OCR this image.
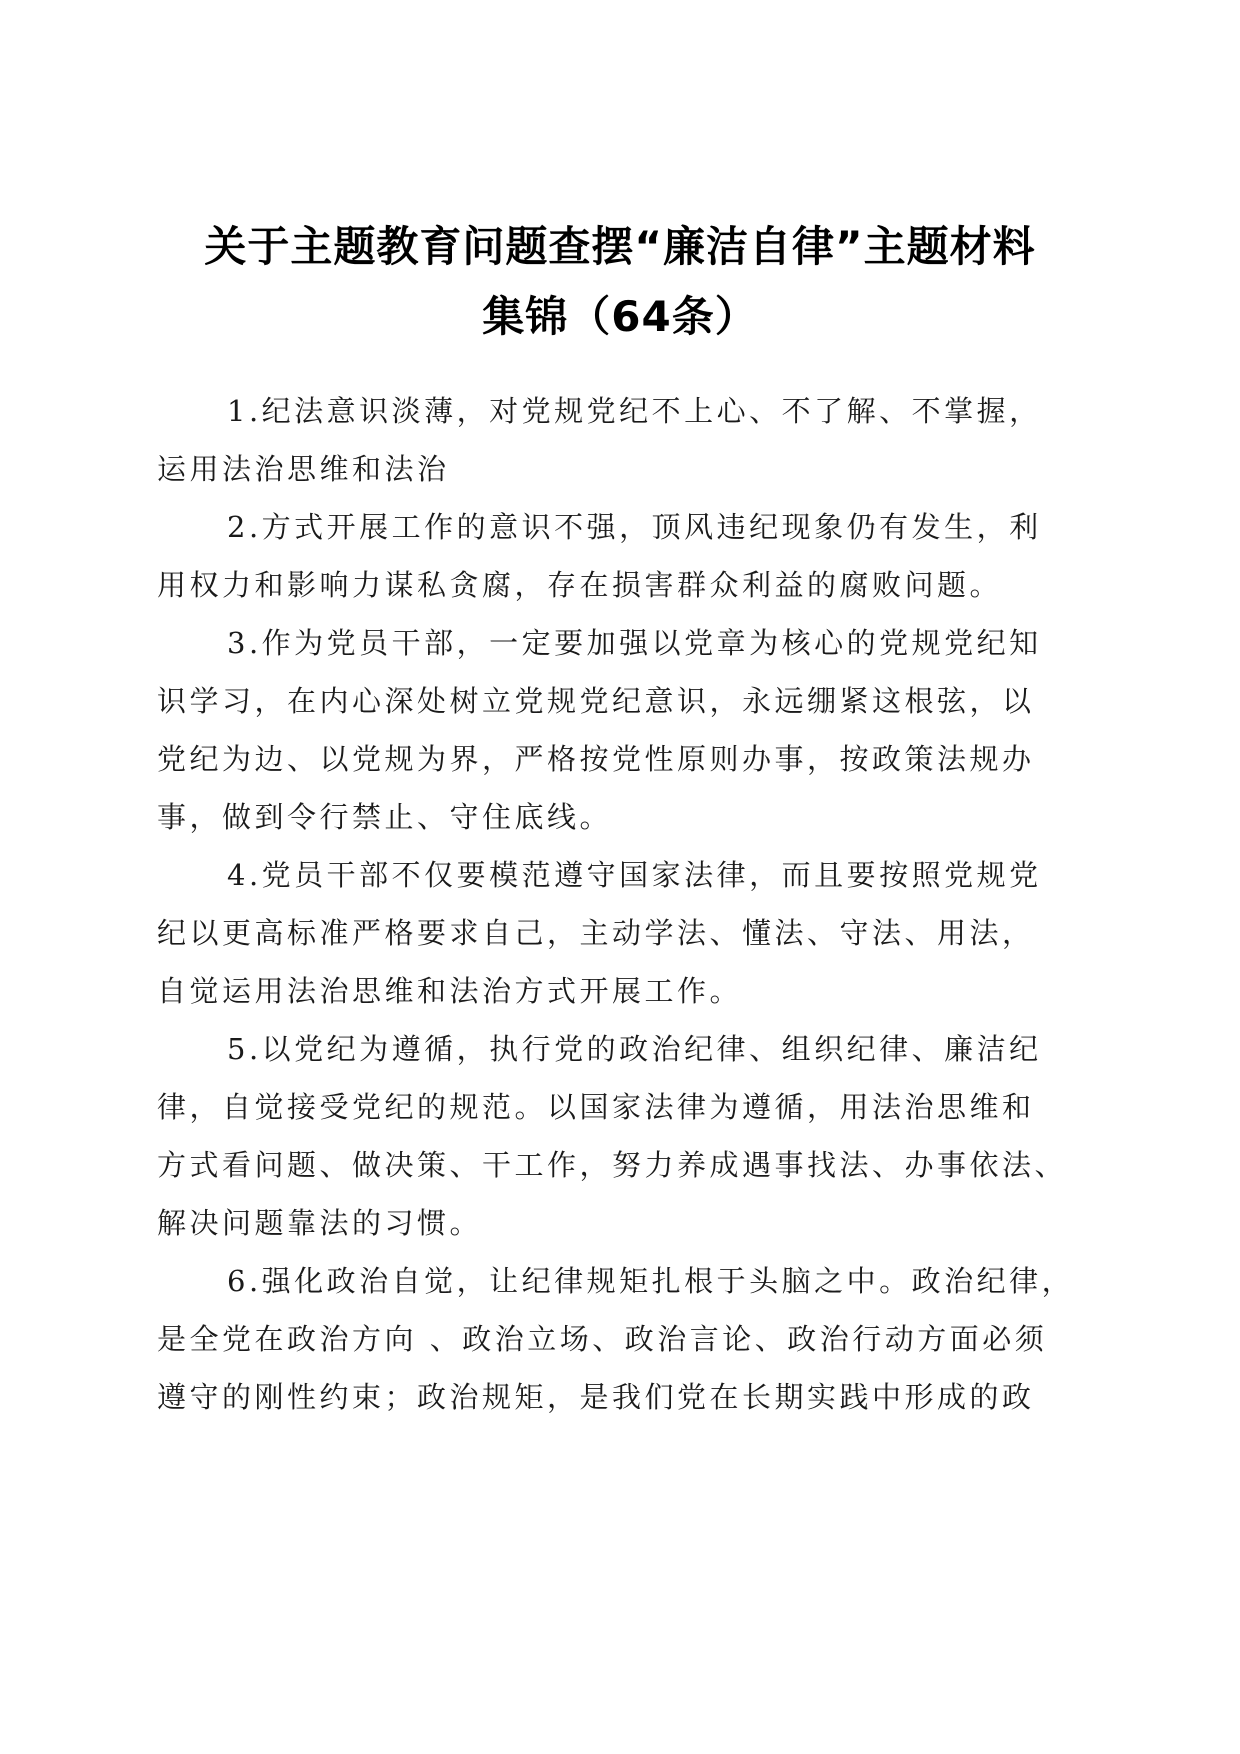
关于主题教育问题查摆“廉洁自律”主题材料
集锦（64条）

1.纪法意识淡薄，对党规党纪不上心、不了解、不掌握，
运用法治思维和法治

2.方式开展工作的意识不强，顶风违纪现象仍有发生，利
用权力和影响力谋私贪腐，存在损害群众利益的腐败问题。

3.作为党员干部，一定要加强以党章为核心的党规党纪知
识学习，在内心深处树立党规党纪意识，永远绷紧这根弦，以
党纪为边、以党规为界，严格按党性原则办事，按政策法规办
事，做到令行禁止、守住底线。

4.党员干部不仅要模范遵守国家法律，而且要按照党规党
纪以更高标准严格要求自己，主动学法、懂法、守法、用法，
自觉运用法治思维和法治方式开展工作。

5.以党纪为遵循，执行党的政治纪律、组织纪律、廉洁纪
律，自觉接受党纪的规范。以国家法律为遵循，用法治思维和
方式看问题、做决策、干工作，努力养成遇事找法、办事依法、
解决问题靠法的习惯。

6.强化政治自觉，让纪律规矩扎根于头脑之中。政治纪律，
是全党在政治方向 、政治立场、政治言论、政治行动方面必须
遵守的刚性约束；政治规矩，是我们党在长期实践中形成的政
